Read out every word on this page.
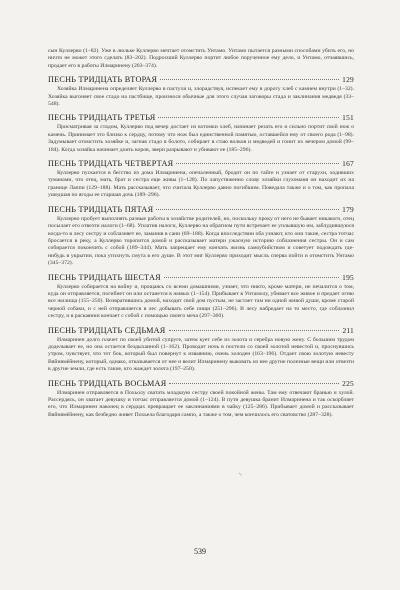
сын Куллерво (1–82). Уже в люльке Куллерво мечтает отомстить Унтамо. Унтамо пытается разными способами убить его, но ничто не может этого сделать (83–202). Подросший Куллерво портит любое порученное ему дело, и Унтамо, отчаявшись, продает его в работы Илмаринену (203–374).

ПЕСНЬ ТРИДЦАТЬ ВТОРАЯ	129

Хозяйка Илмаринена определяет Куллерво в пастухи и, злорадствуя, испекает ему в дорогу хлеб с камнем внутри (1–32). Хозяйка выгоняет свое стадо на пастбище, произнося обычные для этого случая заговоры стада и заклинания медведя (33–548).

ПЕСНЬ ТРИДЦАТЬ ТРЕТЬЯ	151

Присматривая за стадом, Куллерво под вечер достает из котомки хлеб, начинает резать его и сильно портит свой нож о камень. Принимает это близко к сердцу, потому что нож был единственной памятью, оставшейся ему от своего рода (1–98). Задумывает отомстить хозяйке и, загнав стадо в болото, собирает в стаю волков и медведей и гонит их вечером домой (99–184). Когда хозяйка начинает доить коров, звери разрывают и убивают ее (185–296).

ПЕСНЬ ТРИДЦАТЬ ЧЕТВЕРТАЯ	167

Куллерво пускается в бегство из дома Илмаринена, опечаленный, бродит он по тайге и узнает от старухи, ходивших туманами, что отец, мать, брат и сестра еще живы (1–128). По лапустяженно слову хозяйки глухоманя он находит их на границе Лаппи (129–188). Мать рассказывает, что считала Куллерво давно погибшим. Поведала также и о том, как пропала ушедшая по ягоды ее старшая дочь (189–296).

ПЕСНЬ ТРИДЦАТЬ ПЯТАЯ	179

Куллерво пробует выполнять разные работы в хозяйстве родителей, но, поскольку проку от него не бывает никакого, отец посылает его отвезти налоги (1–68). Уплатив налоги, Куллерво на обратном пути встречает ее уплывшую им, заблудившуюся когда-то в лесу сестру и соблазняет ее, заманив в сани (69–188). Когда впоследствии оба узнают, кто они такие, сестра тотчас бросается в реку, а Куллерво торопится домой и рассказывает матери ужасную историю соблазнения сестры. Он и сам собирается покончить с собой (189–344). Мать запрещает ему кончать жизнь самоубийством и советует подождать где-нибудь в укрытии, пока утихнуть смута в его душе. В этот миг Куллерво приходит мысль сперва пойти и отомстить Унтамо (345–372).

ПЕСНЬ ТРИДЦАТЬ ШЕСТАЯ	195

Куллерво собирается на войну и, прощаясь со всеми домашними, узнает, что никто, кроме матери, не печалится о том, куда он отправляется, погибнет он или останется в живых (1–154). Прибывает в Унтамолу, убивает все живое и предает огню все жилища (155–250). Возвратившись домой, находит свой дом пустым, не застает там ни одной живой души, кроме старой черной собаки, и с ней отправляется в лес добывать себе пищи (251–296). В лесу набредает на то место, где соблазнил сестру, и в раскаянии кончает с собой с помощью своего меча (297–360).

ПЕСНЬ ТРИДЦАТЬ СЕДЬМАЯ	211

Илмаринен долго плачет по своей убитой супруге, затем кует себе из золота и серебра новую жену. С большим трудом доделывает ее, но она остается бездыханной (1–162). Проводит ночь в постели со своей золотой невестой и, проснувшись утром, чувствует, что тот бок, который был повернут к изваянию, очень холоден (163–196). Отдает свою золотую невесту Вяйнямёйнену, который, однако, отказывается от нее и велит Илмаринену выковать из нее другие полезные вещи или отвезти в другие земли, где есть такие, кто жаждет золота (197–250).

ПЕСНЬ ТРИДЦАТЬ ВОСЬМАЯ	225

Илмаринен отправляется в Похьолу сватать младшую сестру своей покойной жены. Там ему отвечают бранью и хулой. Рассердясь, он хватает девушку и тотчас отправляется домой (1–124). В пути девушка бранит Илмаринена и так оскорбляет его, что Илмаринен наконец в сердцах превращает ее заклинаниями в чайку (125–286). Прибывает домой и рассказывает Вяйнямёйнену, как безбедно живет Похьела благодаря сампо, а также о том, чем кончилось его сватовство (287–328).

\
539
